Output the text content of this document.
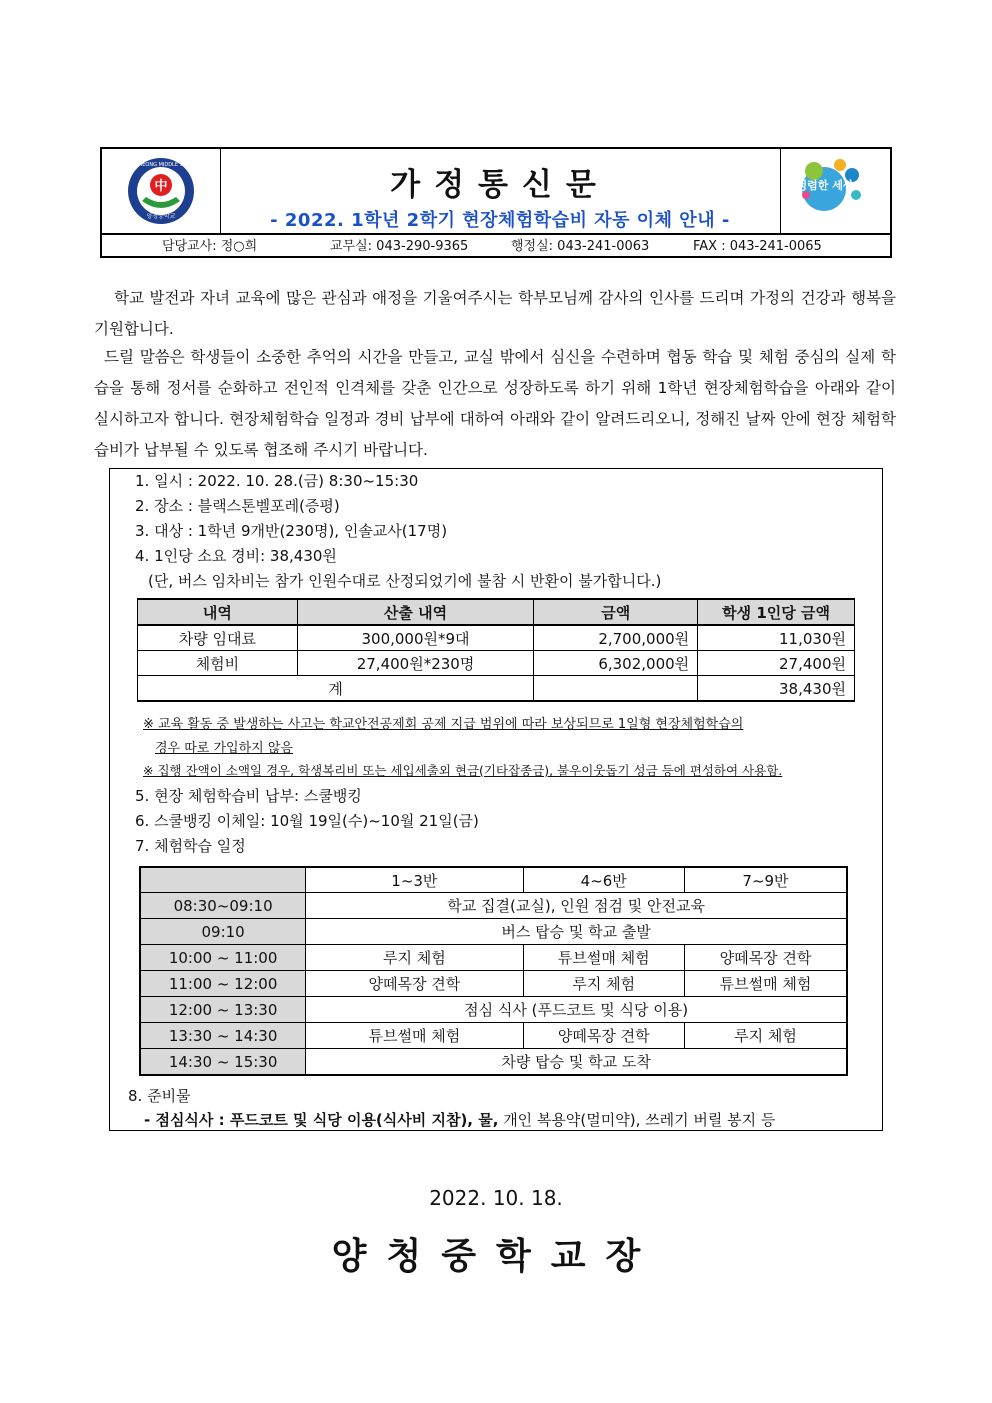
中
양청중학교
YANGCHEONG MIDDLE SCHOOL
가정통신문
- 2022. 1학년 2학기 현장체험학습비 자동 이체 안내 -
청렴한 세상
담당교사: 정○희	교무실: 043-290-9365	행정실: 043-241-0063	FAX : 043-241-0065
학교 발전과 자녀 교육에 많은 관심과 애정을 기울여주시는 학부모님께 감사의 인사를 드리며 가정의 건강과 행복을 기원합니다.
드릴 말씀은 학생들이 소중한 추억의 시간을 만들고, 교실 밖에서 심신을 수련하며 협동 학습 및 체험 중심의 실제 학습을 통해 정서를 순화하고 전인적 인격체를 갖춘 인간으로 성장하도록 하기 위해 1학년 현장체험학습을 아래와 같이 실시하고자 합니다. 현장체험학습 일정과 경비 납부에 대하여 아래와 같이 알려드리오니, 정해진 날짜 안에 현장 체험학습비가 납부될 수 있도록 협조해 주시기 바랍니다.
1. 일시 : 2022. 10. 28.(금) 8:30~15:30
2. 장소 : 블랙스톤벨포레(증평)
3. 대상 : 1학년 9개반(230명), 인솔교사(17명)
4. 1인당 소요 경비: 38,430원
(단, 버스 임차비는 참가 인원수대로 산정되었기에 불참 시 반환이 불가합니다.)
내역	산출 내역	금액	학생 1인당 금액
차량 임대료	300,000원*9대	2,700,000원	11,030원
체험비	27,400원*230명	6,302,000원	27,400원
계			38,430원
※ 교육 활동 중 발생하는 사고는 학교안전공제회 공제 지급 범위에 따라 보상되므로 1일형 현장체험학습의
경우 따로 가입하지 않음
※ 집행 잔액이 소액일 경우, 학생복리비 또는 세입세출외 현금(기타잡종금), 불우이웃돕기 성금 등에 편성하여 사용함.
5. 현장 체험학습비 납부: 스쿨뱅킹
6. 스쿨뱅킹 이체일: 10월 19일(수)~10월 21일(금)
7. 체험학습 일정
	1~3반	4~6반	7~9반
08:30~09:10	학교 집결(교실), 인원 점검 및 안전교육		
09:10	버스 탑승 및 학교 출발		
10:00 ~ 11:00	루지 체험	튜브썰매 체험	양떼목장 견학
11:00 ~ 12:00	양떼목장 견학	루지 체험	튜브썰매 체험
12:00 ~ 13:30	점심 식사 (푸드코트 및 식당 이용)		
13:30 ~ 14:30	튜브썰매 체험	양떼목장 견학	루지 체험
14:30 ~ 15:30	차량 탑승 및 학교 도착		
8. 준비물
- 점심식사 : 푸드코트 및 식당 이용(식사비 지참), 물, 개인 복용약(멀미약), 쓰레기 버릴 봉지 등
2022. 10. 18.
양청중학교장
